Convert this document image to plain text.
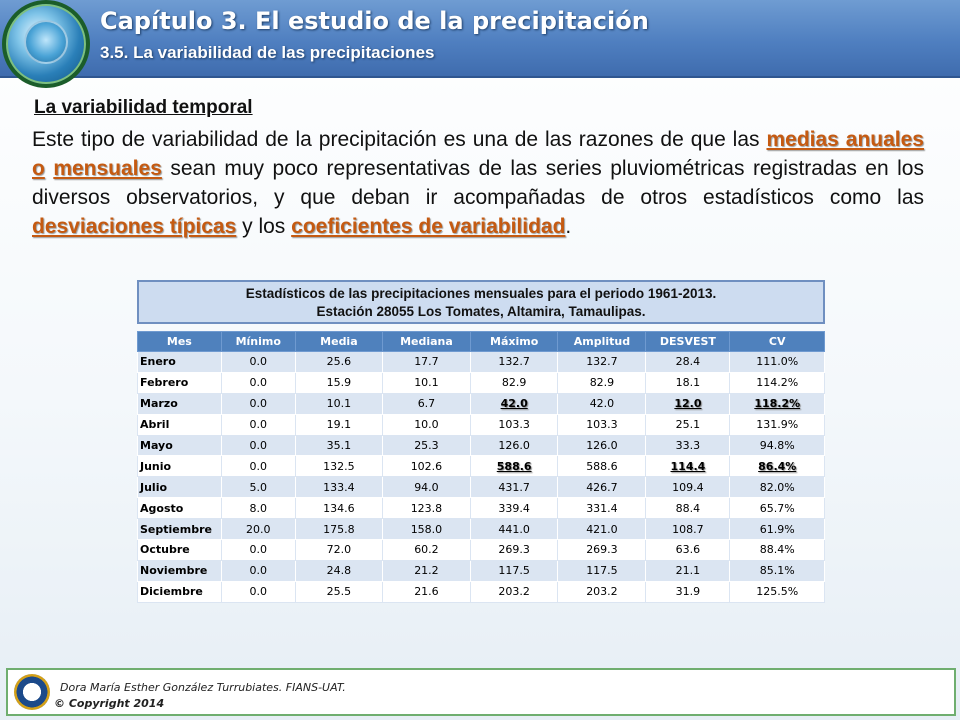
Capítulo 3. El estudio de la precipitación
3.5. La variabilidad de las precipitaciones
La variabilidad temporal

Este tipo de variabilidad de la precipitación es una de las razones de que las medias anuales o mensuales sean muy poco representativas de las series pluviométricas registradas en los diversos observatorios, y que deban ir acompañadas de otros estadísticos como las desviaciones típicas y los coeficientes de variabilidad.

Estadísticos de las precipitaciones mensuales para el periodo 1961-2013.
Estación 28055 Los Tomates, Altamira, Tamaulipas.
Mes	Mínimo	Media	Mediana	Máximo	Amplitud	DESVEST	CV
Enero	0.0	25.6	17.7	132.7	132.7	28.4	111.0%
Febrero	0.0	15.9	10.1	82.9	82.9	18.1	114.2%
Marzo	0.0	10.1	6.7	42.0	42.0	12.0	118.2%
Abril	0.0	19.1	10.0	103.3	103.3	25.1	131.9%
Mayo	0.0	35.1	25.3	126.0	126.0	33.3	94.8%
Junio	0.0	132.5	102.6	588.6	588.6	114.4	86.4%
Julio	5.0	133.4	94.0	431.7	426.7	109.4	82.0%
Agosto	8.0	134.6	123.8	339.4	331.4	88.4	65.7%
Septiembre	20.0	175.8	158.0	441.0	421.0	108.7	61.9%
Octubre	0.0	72.0	60.2	269.3	269.3	63.6	88.4%
Noviembre	0.0	24.8	21.2	117.5	117.5	21.1	85.1%
Diciembre	0.0	25.5	21.6	203.2	203.2	31.9	125.5%

Dora María Esther González Turrubiates. FIANS-UAT.

© Copyright 2014
